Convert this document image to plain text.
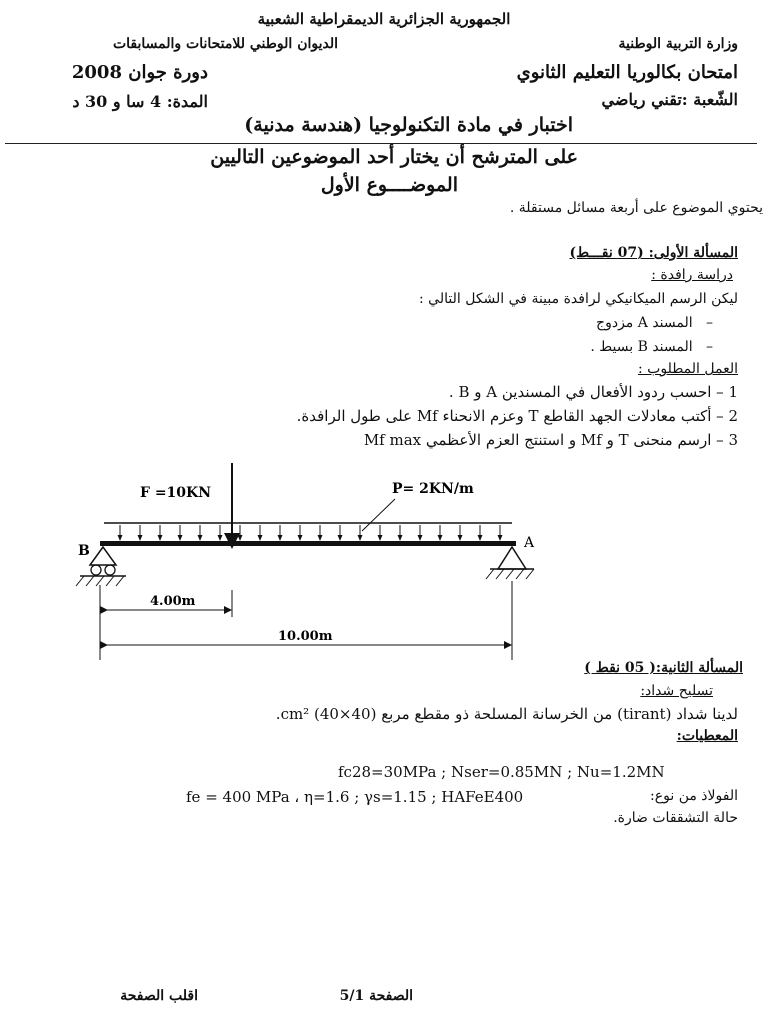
الجمهورية الجزائرية الديمقراطية الشعبية
وزارة التربية الوطنية
الديوان الوطني للامتحانات والمسابقات
امتحان بكالوريا التعليم الثانوي
دورة جوان 2008
الشّعبة :تقني رياضي
المدة: 4 سا و 30 د
اختبار في مادة التكنولوجيا (هندسة مدنية)
على المترشح أن يختار أحد الموضوعين التاليين
الموضــــوع الأول
يحتوي الموضوع على أربعة مسائل مستقلة .
المسألة الأولى: (07 نقـــط)
دراسة رافدة :
ليكن الرسم الميكانيكي لرافدة مبينة في الشكل التالي :
–   المسند A مزدوج
–   المسند B بسيط .
العمل المطلوب :
1 – احسب ردود الأفعال في المسندين A و B .
2 – أكتب معادلات الجهد القاطع T وعزم الانحناء Mf على طول الرافدة.
3 – ارسم منحنى T و Mf و استنتج العزم الأعظمي Mf max
F =10KN	P= 2KN/m
B	A
4.00m
10.00m
المسألة الثانية:( 05 نقط )
تسليح شداد:
لدينا شداد (tirant) من الخرسانة المسلحة ذو مقطع مربع cm² (40×40).
المعطيات:
fc28=30MPa ; Nser=0.85MN ; Nu=1.2MN
fe = 400 MPa ، η=1.6 ; γs=1.15 ; HAFeE400	الفولاذ من نوع:
حالة التشققات ضارة.
اقلب الصفحة	الصفحة 5/1
